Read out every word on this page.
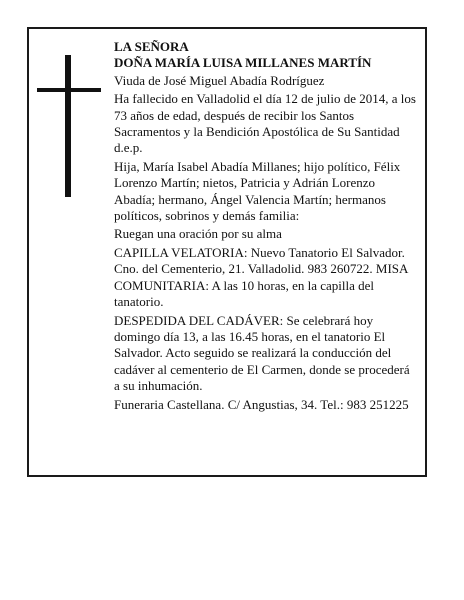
LA SEÑORA

DOÑA MARÍA LUISA MILLANES MARTÍN

Viuda de José Miguel Abadía Rodríguez

Ha fallecido en Valladolid el día 12 de julio de 2014, a los 73 años de edad, después de recibir los Santos Sacramentos y la Bendición Apostólica de Su Santidad d.e.p.

Hija, María Isabel Abadía Millanes; hijo político, Félix Lorenzo Martín; nietos, Patricia y Adrián Lorenzo Abadía; hermano, Ángel Valencia Martín; hermanos políticos, sobrinos y demás familia:

Ruegan una oración por su alma

CAPILLA VELATORIA: Nuevo Tanatorio El Salvador. Cno. del Cementerio, 21. Valladolid. 983 260722. MISA COMUNITARIA: A las 10 horas, en la capilla del tanatorio.

DESPEDIDA DEL CADÁVER: Se celebrará hoy domingo día 13, a las 16.45 horas, en el tanatorio El Salvador. Acto seguido se realizará la conducción del cadáver al cementerio de El Carmen, donde se procederá a su inhumación.

Funeraria Castellana. C/ Angustias, 34. Tel.: 983 251225
